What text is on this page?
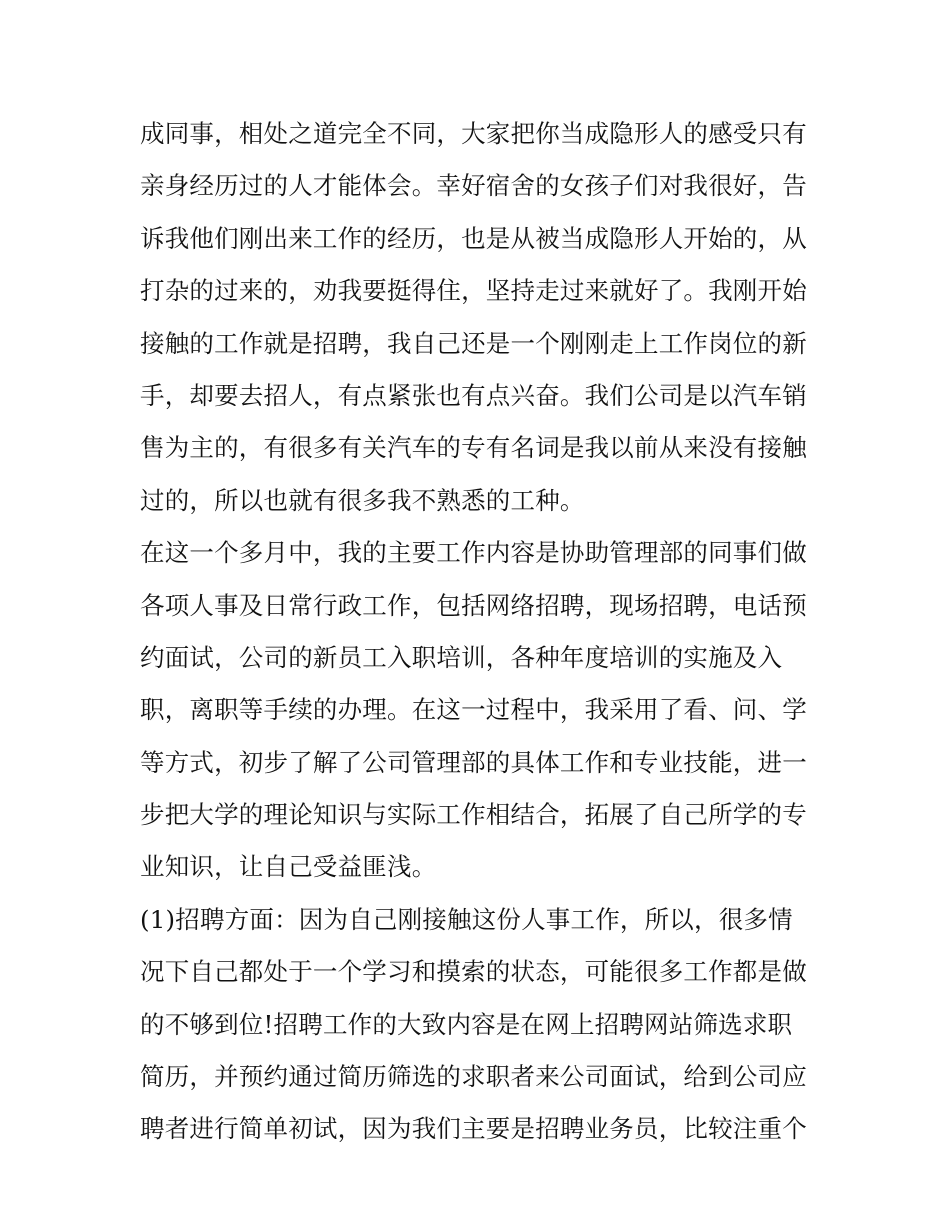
成同事，相处之道完全不同，大家把你当成隐形人的感受只有
亲身经历过的人才能体会。幸好宿舍的女孩子们对我很好，告
诉我他们刚出来工作的经历，也是从被当成隐形人开始的，从
打杂的过来的，劝我要挺得住，坚持走过来就好了。我刚开始
接触的工作就是招聘，我自己还是一个刚刚走上工作岗位的新
手，却要去招人，有点紧张也有点兴奋。我们公司是以汽车销
售为主的，有很多有关汽车的专有名词是我以前从来没有接触
过的，所以也就有很多我不熟悉的工种。
在这一个多月中，我的主要工作内容是协助管理部的同事们做
各项人事及日常行政工作，包括网络招聘，现场招聘，电话预
约面试，公司的新员工入职培训，各种年度培训的实施及入
职，离职等手续的办理。在这一过程中，我采用了看、问、学
等方式，初步了解了公司管理部的具体工作和专业技能，进一
步把大学的理论知识与实际工作相结合，拓展了自己所学的专
业知识，让自己受益匪浅。
(1)招聘方面：因为自己刚接触这份人事工作，所以，很多情
况下自己都处于一个学习和摸索的状态，可能很多工作都是做
的不够到位!招聘工作的大致内容是在网上招聘网站筛选求职
简历，并预约通过简历筛选的求职者来公司面试，给到公司应
聘者进行简单初试，因为我们主要是招聘业务员，比较注重个
